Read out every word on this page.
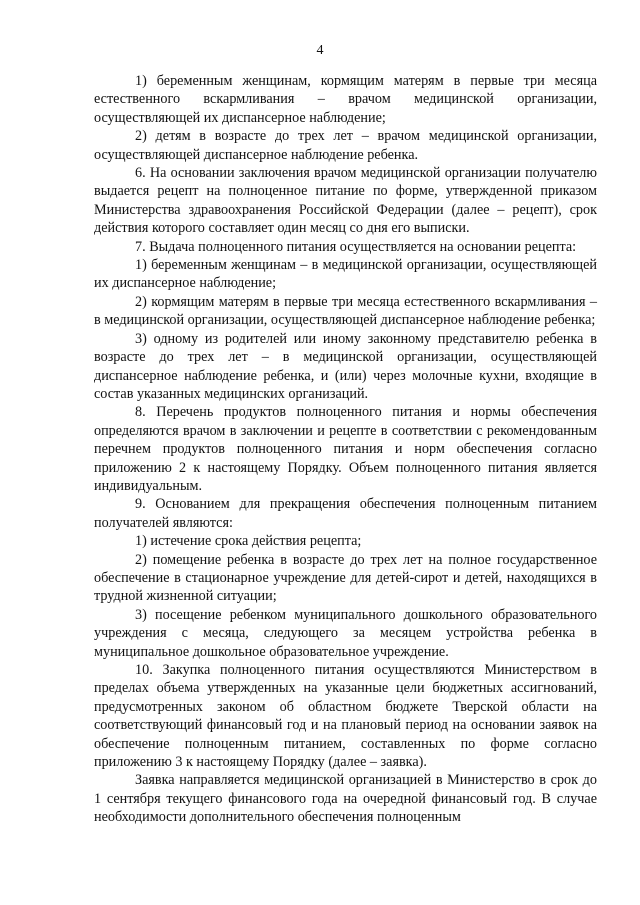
4

1) беременным женщинам, кормящим матерям в первые три месяца естественного вскармливания – врачом медицинской организации, осуществляющей их диспансерное наблюдение;

2) детям в возрасте до трех лет – врачом медицинской организации, осуществляющей диспансерное наблюдение ребенка.

6. На основании заключения врачом медицинской организации получателю выдается рецепт на полноценное питание по форме, утвержденной приказом Министерства здравоохранения Российской Федерации (далее – рецепт), срок действия которого составляет один месяц со дня его выписки.

7. Выдача полноценного питания осуществляется на основании рецепта:

1) беременным женщинам – в медицинской организации, осуществляющей их диспансерное наблюдение;

2) кормящим матерям в первые три месяца естественного вскармливания – в медицинской организации, осуществляющей диспансерное наблюдение ребенка;

3) одному из родителей или иному законному представителю ребенка в возрасте до трех лет – в медицинской организации, осуществляющей диспансерное наблюдение ребенка, и (или) через молочные кухни, входящие в состав указанных медицинских организаций.

8. Перечень продуктов полноценного питания и нормы обеспечения определяются врачом в заключении и рецепте в соответствии с рекомендованным перечнем продуктов полноценного питания и норм обеспечения согласно приложению 2 к настоящему Порядку. Объем полноценного питания является индивидуальным.

9. Основанием для прекращения обеспечения полноценным питанием получателей являются:

1) истечение срока действия рецепта;

2) помещение ребенка в возрасте до трех лет на полное государственное обеспечение в стационарное учреждение для детей-сирот и детей, находящихся в трудной жизненной ситуации;

3) посещение ребенком муниципального дошкольного образовательного учреждения с месяца, следующего за месяцем устройства ребенка в муниципальное дошкольное образовательное учреждение.

10. Закупка полноценного питания осуществляются Министерством в пределах объема утвержденных на указанные цели бюджетных ассигнований, предусмотренных законом об областном бюджете Тверской области на соответствующий финансовый год и на плановый период на основании заявок на обеспечение полноценным питанием, составленных по форме согласно приложению 3 к настоящему Порядку (далее – заявка).

Заявка направляется медицинской организацией в Министерство в срок до 1 сентября текущего финансового года на очередной финансовый год. В случае необходимости дополнительного обеспечения полноценным
